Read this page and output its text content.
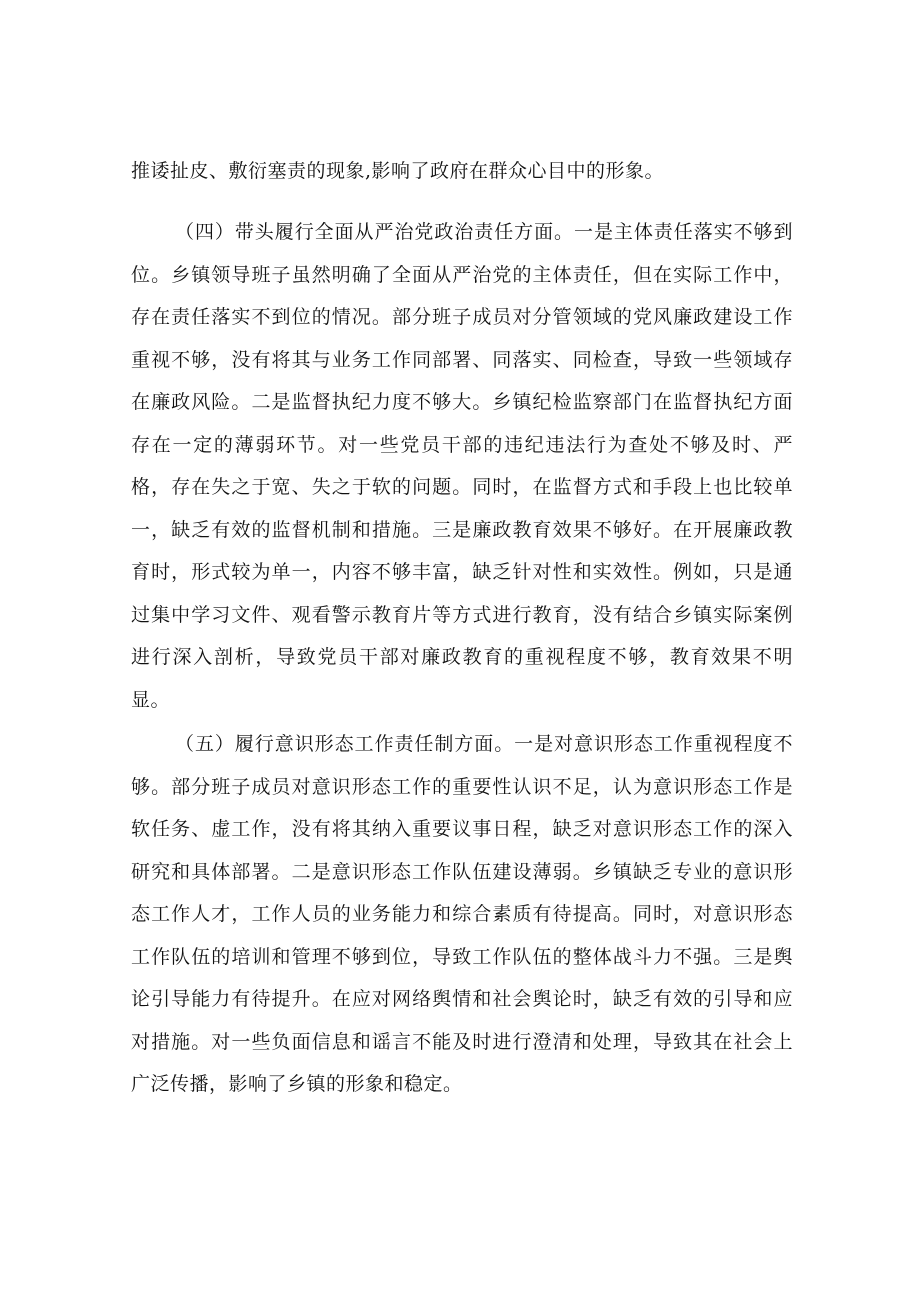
推诿扯皮、敷衍塞责的现象,影响了政府在群众心目中的形象。

（四）带头履行全面从严治党政治责任方面。一是主体责任落实不够到位。乡镇领导班子虽然明确了全面从严治党的主体责任，但在实际工作中，存在责任落实不到位的情况。部分班子成员对分管领域的党风廉政建设工作重视不够，没有将其与业务工作同部署、同落实、同检查，导致一些领域存在廉政风险。二是监督执纪力度不够大。乡镇纪检监察部门在监督执纪方面存在一定的薄弱环节。对一些党员干部的违纪违法行为查处不够及时、严格，存在失之于宽、失之于软的问题。同时，在监督方式和手段上也比较单一，缺乏有效的监督机制和措施。三是廉政教育效果不够好。在开展廉政教育时，形式较为单一，内容不够丰富，缺乏针对性和实效性。例如，只是通过集中学习文件、观看警示教育片等方式进行教育，没有结合乡镇实际案例进行深入剖析，导致党员干部对廉政教育的重视程度不够，教育效果不明显。

（五）履行意识形态工作责任制方面。一是对意识形态工作重视程度不够。部分班子成员对意识形态工作的重要性认识不足，认为意识形态工作是软任务、虚工作，没有将其纳入重要议事日程，缺乏对意识形态工作的深入研究和具体部署。二是意识形态工作队伍建设薄弱。乡镇缺乏专业的意识形态工作人才，工作人员的业务能力和综合素质有待提高。同时，对意识形态工作队伍的培训和管理不够到位，导致工作队伍的整体战斗力不强。三是舆论引导能力有待提升。在应对网络舆情和社会舆论时，缺乏有效的引导和应对措施。对一些负面信息和谣言不能及时进行澄清和处理，导致其在社会上广泛传播，影响了乡镇的形象和稳定。
